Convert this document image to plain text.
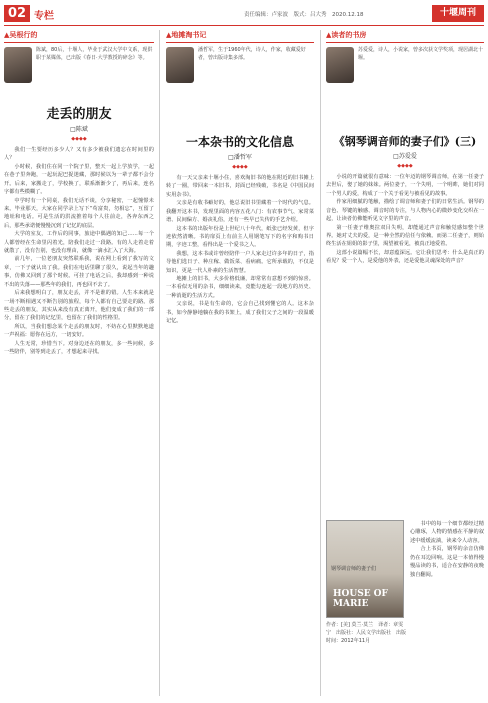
02 专栏	责任编辑：卢家波　版式：吕大秀　2020.12.18	十堰周刊
▲吴根行的
陈斌，80后，十堰人，毕业于武汉大学中文系，现供职于某媒体，已出版《春日·大学教授的碎念》等。
走丢的朋友
□陈斌
◆◆◆◆

我们一生要经历多少人？又有多少被我们遗忘在时间里的人？

小时候，我们住在同一个院子里，整天一起上学放学，一起在巷子里奔跑，一起玩泥巴捉迷藏，那时候以为一辈子都不会分开。后来，家搬走了，学校换了，联系渐渐少了，再后来，连名字都有些模糊了。

中学时有一个同桌，我们无话不谈，分享秘密，一起憧憬未来。毕业那天，大家在同学录上写下“苟富贵，勿相忘”，互留了地址和电话。可是生活的洪流推着每个人往前走，各奔东西之后，那些承诺便慢慢沉到了记忆的底层。

大学的室友，工作后的同事，旅途中偶遇的知己……每一个人都曾经在生命里闪着光，陪我们走过一段路。有的人走着走着就散了，没有告别，也没有理由，就像一滴水汇入了大海。

前几年，一位老朋友突然联系我，说在网上看到了我写的文章，一下子就认出了我。我们在电话里聊了很久，说起当年的趣事，仿佛又回到了那个时候。可挂了电话之后，我却感到一种说不出的失落——那些年的我们，再也回不去了。

后来我想明白了，朋友走丢，并不是谁的错。人生本来就是一场不断相遇又不断告别的旅程，每个人都有自己要走的路。那些走丢的朋友，其实从来没有真正离开，他们变成了我们的一部分，留在了我们的记忆里，也留在了我们的性格里。

所以，当我们想念某个走丢的朋友时，不妨在心里默默地道一声祝福：愿你在远方，一切安好。

人生无常，珍惜当下。对身边还在的朋友，多一些问候，多一些陪伴，别等到走丢了，才想起来寻找。

▲地摊淘书记
潘哲军，生于1960年代，诗人，作家，收藏爱好者，曾出版诗集多部。
一本杂书的文化信息
□潘哲军
◆◆◆◆

有一天父亲来十堰小住，喜欢淘旧书的他在附近的旧书摊上转了一圈，带回来一本旧书，封面已经残破，书名是《中国民间实用杂书》。

父亲是有收书癖好的，他总说旧书里藏着一个时代的气息。我翻开这本书，发现里面的内容五花八门：有农事节气、家常菜谱、民间偏方、婚丧礼俗，还有一些早已失传的手艺介绍。

这本书的出版年份是上世纪八十年代，纸张已经发黄，但字迹依然清晰。书的扉页上有前主人用钢笔写下的名字和购书日期，字迹工整，看得出是一个爱书之人。

我想，这本书或许曾经陪伴一户人家走过许多年的日子，指导他们选日子、种庄稼、做饭菜、看病痛。它所承载的，不仅是知识，更是一代人朴素的生活智慧。

地摊上的旧书，大多价格低廉，却常常有意想不到的惊喜。一本看似无用的杂书，细细读来，竟能勾连起一段地方的历史、一种消逝的生活方式。

父亲说，书是有生命的，它会自己找到懂它的人。这本杂书，如今静静地躺在我的书架上，成了我们父子之间的一段温暖记忆。

▲读者的书房
苏爱爱，诗人，小说家，曾多次获文学奖项，现居湖北十堰。
《钢琴调音师的妻子们》(三)
□苏爱爱
◆◆◆◆

小说的开篇就很有意味：一位年迈的钢琴调音师，在第一任妻子去世后，娶了她的妹妹。两位妻子，一个失明，一个明眸，她们对同一个男人的爱，构成了一个关于看见与被看见的故事。

作家用细腻的笔触，描绘了调音师和妻子们的日常生活。钢琴的音色、琴键的触感、调音时的专注，与人物内心的微妙变化交织在一起，让读者仿佛能听见文字里的声音。

第一任妻子维奥拉双目失明，却能通过声音和触觉感知整个世界。她对丈夫的爱，是一种全然的信任与依赖。而第二任妻子，则始终生活在姐姐的影子里，渴望被看见，被真正地爱着。

这部小说篇幅不长，却意蕴深远。它让我们思考：什么是真正的看见？爱一个人，是爱他的外表，还是爱他灵魂深处的声音？

钢琴调音师的妻子们
HOUSE OF MARIE
作者：[美] 莫兰·莫兰　译者：章雯宁　出版社：人民文学出版社　出版时间：2012年11月

书中的每一个细节都经过精心雕琢，人物的情感在平静的叙述中缓缓流淌，读来令人动容。

合上书页，钢琴的余音仿佛仍在耳边回响。这是一本值得慢慢品读的书，适合在安静的夜晚独自翻阅。
